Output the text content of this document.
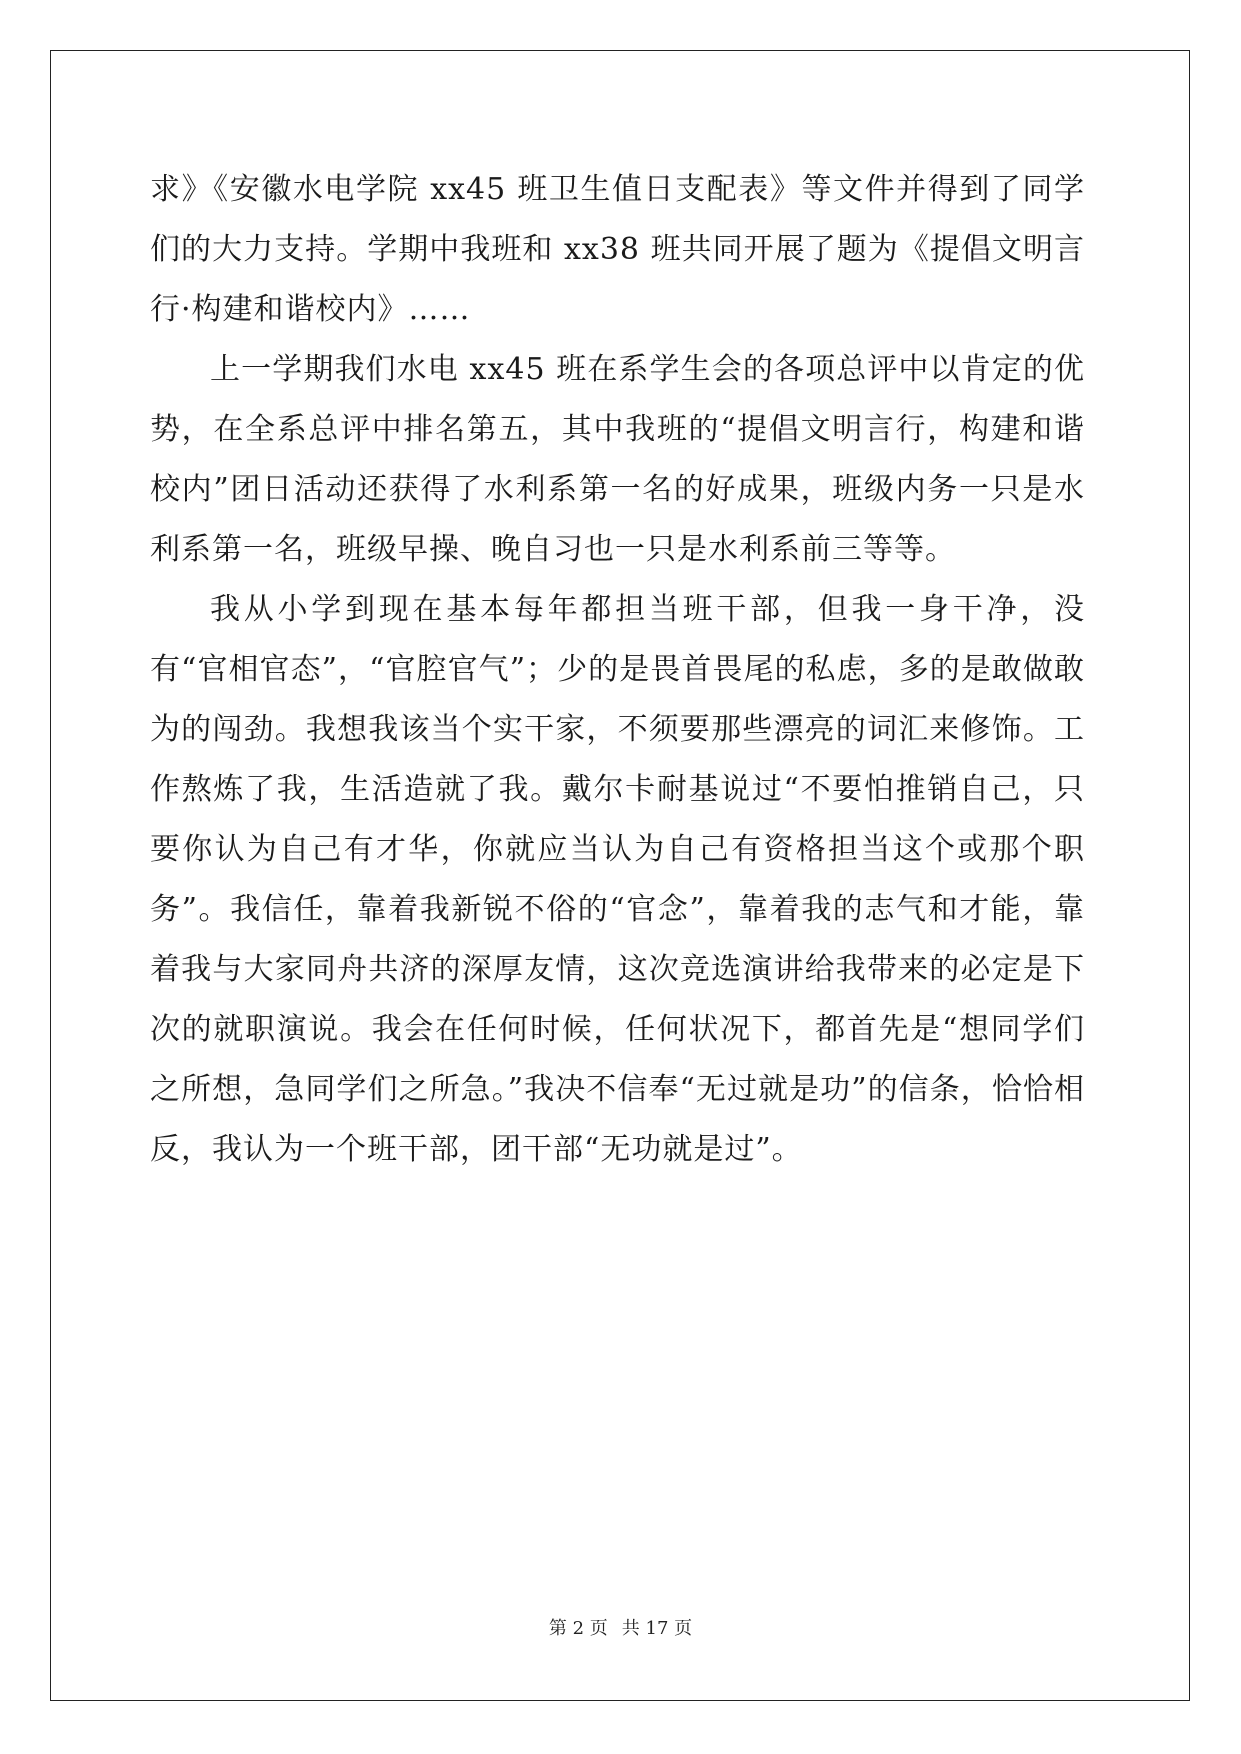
求》《安徽水电学院 xx45 班卫生值日支配表》等文件并得到了同学们的大力支持。学期中我班和 xx38 班共同开展了题为《提倡文明言行·构建和谐校内》……

上一学期我们水电 xx45 班在系学生会的各项总评中以肯定的优势，在全系总评中排名第五，其中我班的“提倡文明言行，构建和谐校内”团日活动还获得了水利系第一名的好成果，班级内务一只是水利系第一名，班级早操、晚自习也一只是水利系前三等等。

我从小学到现在基本每年都担当班干部，但我一身干净，没有“官相官态”，“官腔官气”；少的是畏首畏尾的私虑，多的是敢做敢为的闯劲。我想我该当个实干家，不须要那些漂亮的词汇来修饰。工作熬炼了我，生活造就了我。戴尔卡耐基说过“不要怕推销自己，只要你认为自己有才华，你就应当认为自己有资格担当这个或那个职务”。我信任，靠着我新锐不俗的“官念”，靠着我的志气和才能，靠着我与大家同舟共济的深厚友情，这次竞选演讲给我带来的必定是下次的就职演说。我会在任何时候，任何状况下，都首先是“想同学们之所想，急同学们之所急。”我决不信奉“无过就是功”的信条，恰恰相反，我认为一个班干部，团干部“无功就是过”。

第 2 页 共 17 页
